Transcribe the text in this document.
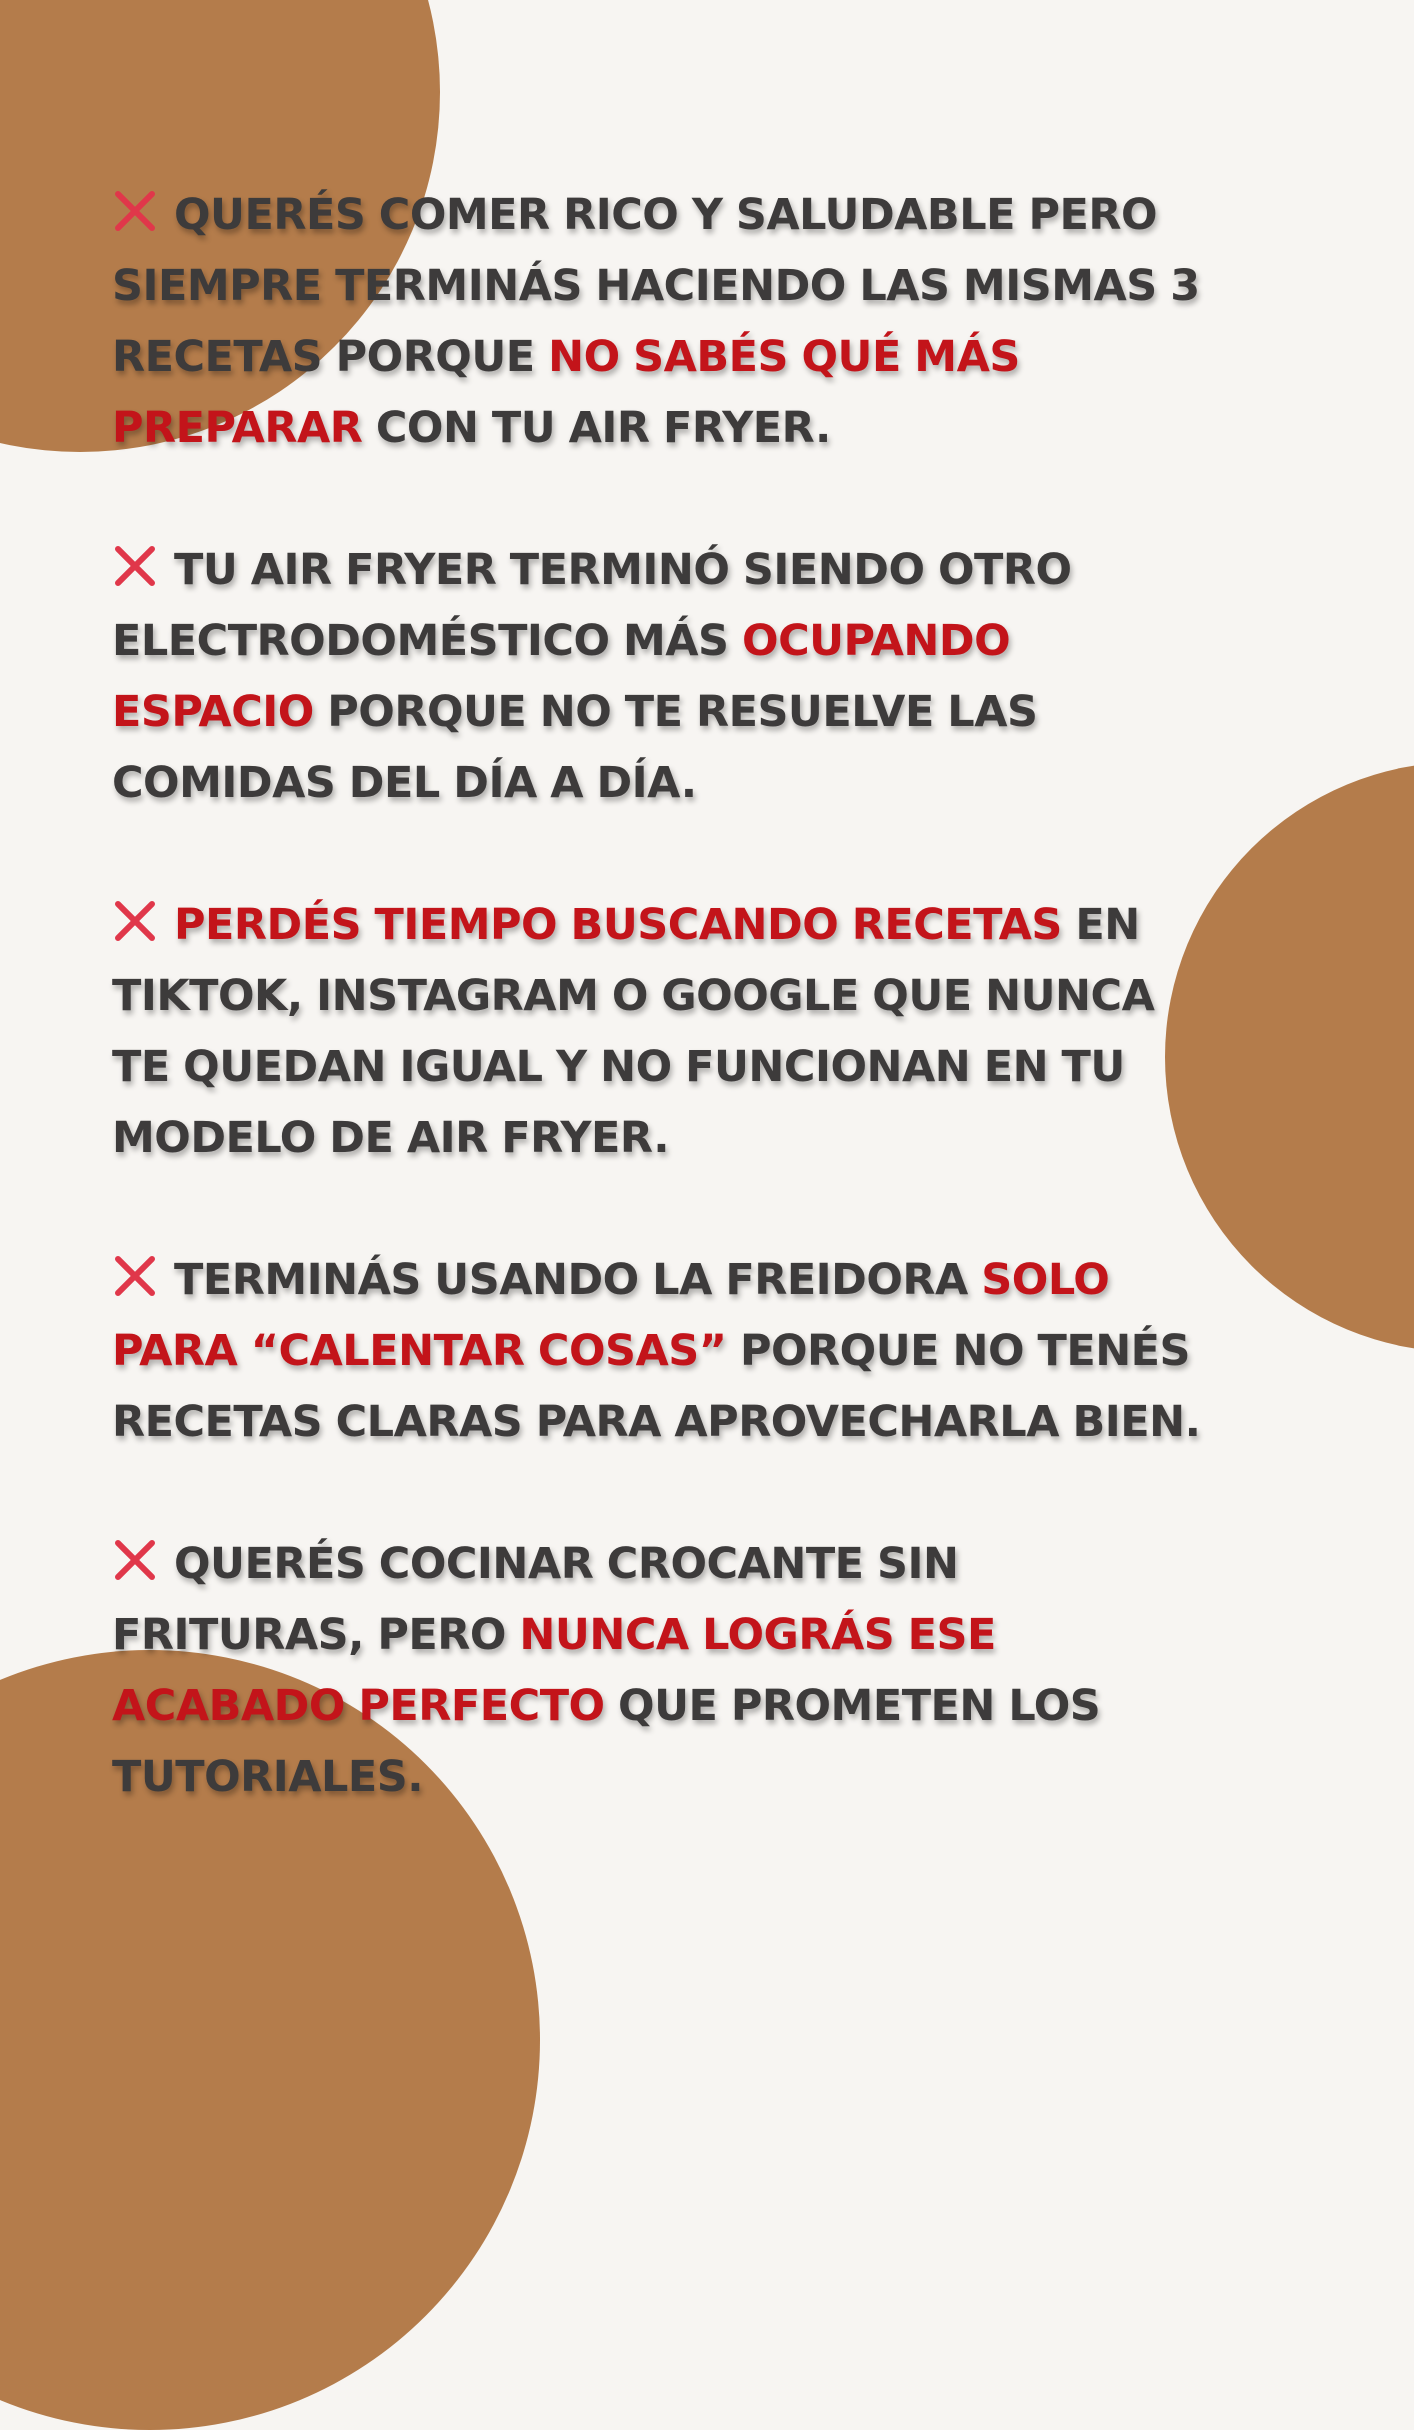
QUERÉS COMER RICO Y SALUDABLE PERO
SIEMPRE TERMINÁS HACIENDO LAS MISMAS 3
RECETAS PORQUE NO SABÉS QUÉ MÁS
PREPARAR CON TU AIR FRYER.
TU AIR FRYER TERMINÓ SIENDO OTRO
ELECTRODOMÉSTICO MÁS OCUPANDO
ESPACIO PORQUE NO TE RESUELVE LAS
COMIDAS DEL DÍA A DÍA.
PERDÉS TIEMPO BUSCANDO RECETAS EN
TIKTOK, INSTAGRAM O GOOGLE QUE NUNCA
TE QUEDAN IGUAL Y NO FUNCIONAN EN TU
MODELO DE AIR FRYER.
TERMINÁS USANDO LA FREIDORA SOLO
PARA “CALENTAR COSAS” PORQUE NO TENÉS
RECETAS CLARAS PARA APROVECHARLA BIEN.
QUERÉS COCINAR CROCANTE SIN
FRITURAS, PERO NUNCA LOGRÁS ESE
ACABADO PERFECTO QUE PROMETEN LOS
TUTORIALES.
